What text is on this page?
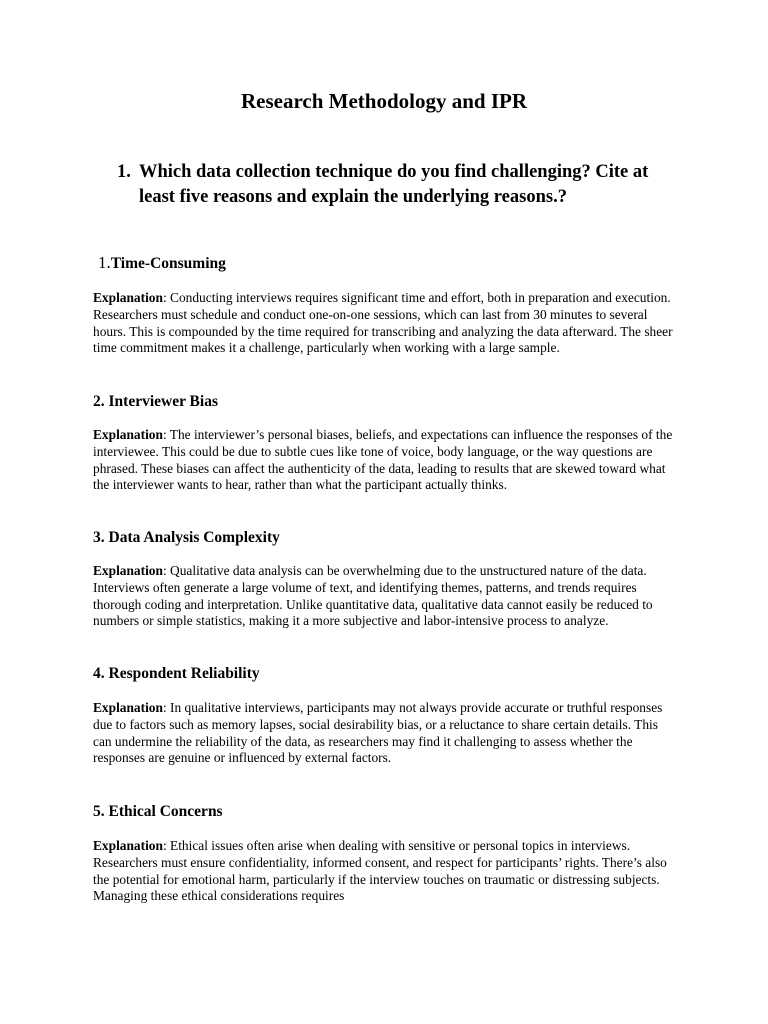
Research Methodology and IPR
1. Which data collection technique do you find challenging? Cite at least five reasons and explain the underlying reasons.?
1.Time-Consuming

Explanation: Conducting interviews requires significant time and effort, both in preparation and execution. Researchers must schedule and conduct one-on-one sessions, which can last from 30 minutes to several hours. This is compounded by the time required for transcribing and analyzing the data afterward. The sheer time commitment makes it a challenge, particularly when working with a large sample.

2. Interviewer Bias

Explanation: The interviewer’s personal biases, beliefs, and expectations can influence the responses of the interviewee. This could be due to subtle cues like tone of voice, body language, or the way questions are phrased. These biases can affect the authenticity of the data, leading to results that are skewed toward what the interviewer wants to hear, rather than what the participant actually thinks.

3. Data Analysis Complexity

Explanation: Qualitative data analysis can be overwhelming due to the unstructured nature of the data. Interviews often generate a large volume of text, and identifying themes, patterns, and trends requires thorough coding and interpretation. Unlike quantitative data, qualitative data cannot easily be reduced to numbers or simple statistics, making it a more subjective and labor-intensive process to analyze.

4. Respondent Reliability

Explanation: In qualitative interviews, participants may not always provide accurate or truthful responses due to factors such as memory lapses, social desirability bias, or a reluctance to share certain details. This can undermine the reliability of the data, as researchers may find it challenging to assess whether the responses are genuine or influenced by external factors.

5. Ethical Concerns

Explanation: Ethical issues often arise when dealing with sensitive or personal topics in interviews. Researchers must ensure confidentiality, informed consent, and respect for participants’ rights. There’s also the potential for emotional harm, particularly if the interview touches on traumatic or distressing subjects. Managing these ethical considerations requires
